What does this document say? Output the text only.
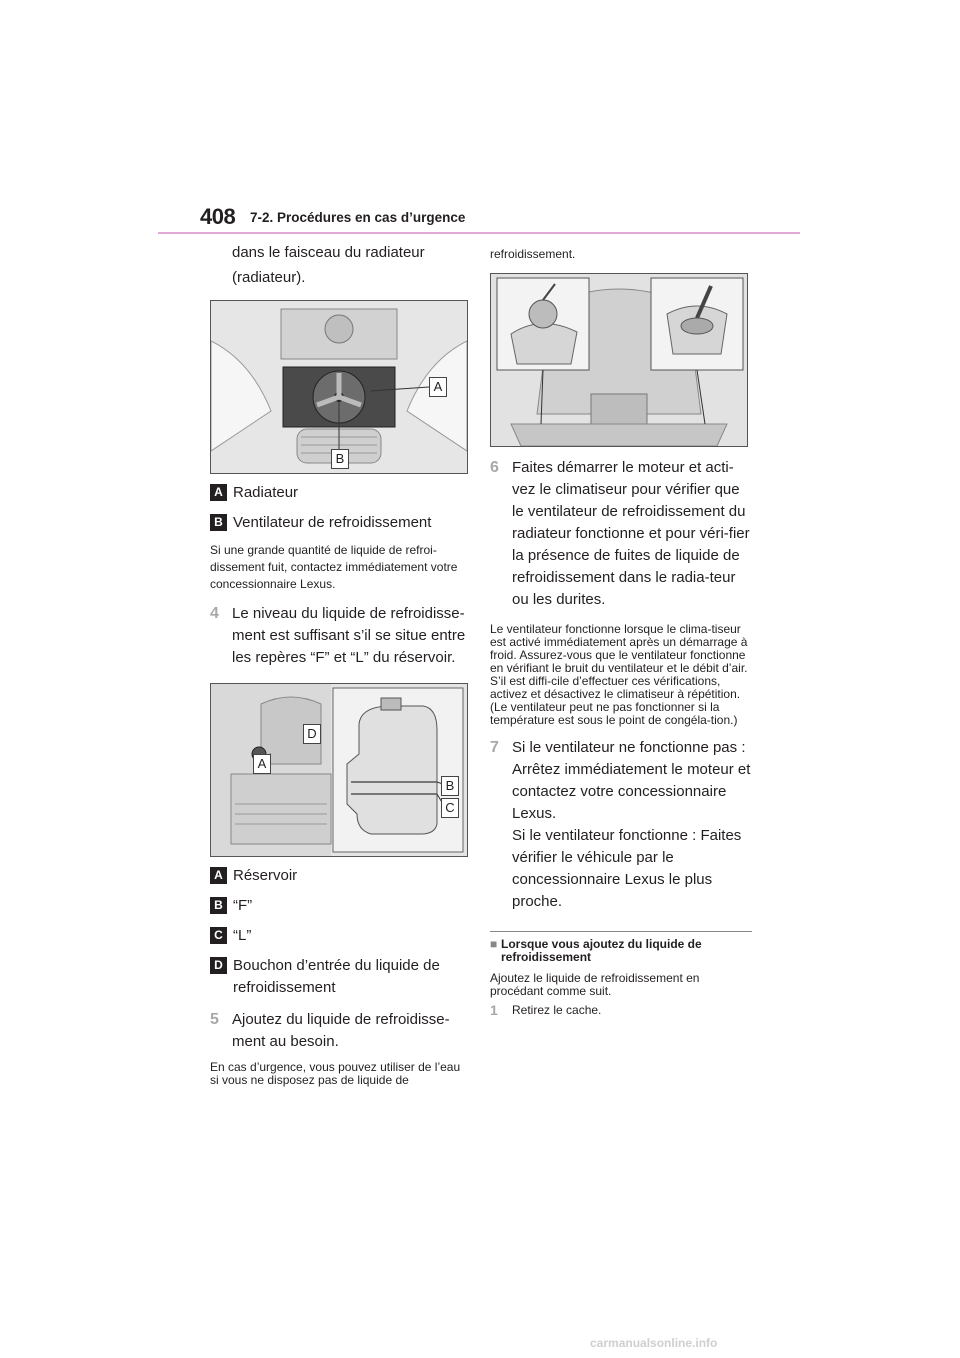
408 7-2. Procédures en cas d’urgence
dans le faisceau du radiateur (radiateur).
A
B
A Radiateur
B Ventilateur de refroidissement
Si une grande quantité de liquide de refroi-dissement fuit, contactez immédiatement votre concessionnaire Lexus.
4 Le niveau du liquide de refroidisse-ment est suffisant s’il se situe entre les repères “F” et “L” du réservoir.
D
A
B
C
A Réservoir
B “F”
C “L”
D Bouchon d’entrée du liquide de refroidissement
5 Ajoutez du liquide de refroidisse-ment au besoin.
En cas d’urgence, vous pouvez utiliser de l’eau si vous ne disposez pas de liquide de
refroidissement.
6 Faites démarrer le moteur et acti-vez le climatiseur pour vérifier que le ventilateur de refroidissement du radiateur fonctionne et pour véri-fier la présence de fuites de liquide de refroidissement dans le radia-teur ou les durites.
Le ventilateur fonctionne lorsque le clima-tiseur est activé immédiatement après un démarrage à froid. Assurez-vous que le ventilateur fonctionne en vérifiant le bruit du ventilateur et le débit d’air. S’il est diffi-cile d’effectuer ces vérifications, activez et désactivez le climatiseur à répétition. (Le ventilateur peut ne pas fonctionner si la température est sous le point de congéla-tion.)
7 Si le ventilateur ne fonctionne pas : Arrêtez immédiatement le moteur et contactez votre concessionnaire Lexus.
Si le ventilateur fonctionne : Faites vérifier le véhicule par le concessionnaire Lexus le plus proche.
■ Lorsque vous ajoutez du liquide de refroidissement
Ajoutez le liquide de refroidissement en procédant comme suit.
1	Retirez le cache.
carmanualsonline.info
